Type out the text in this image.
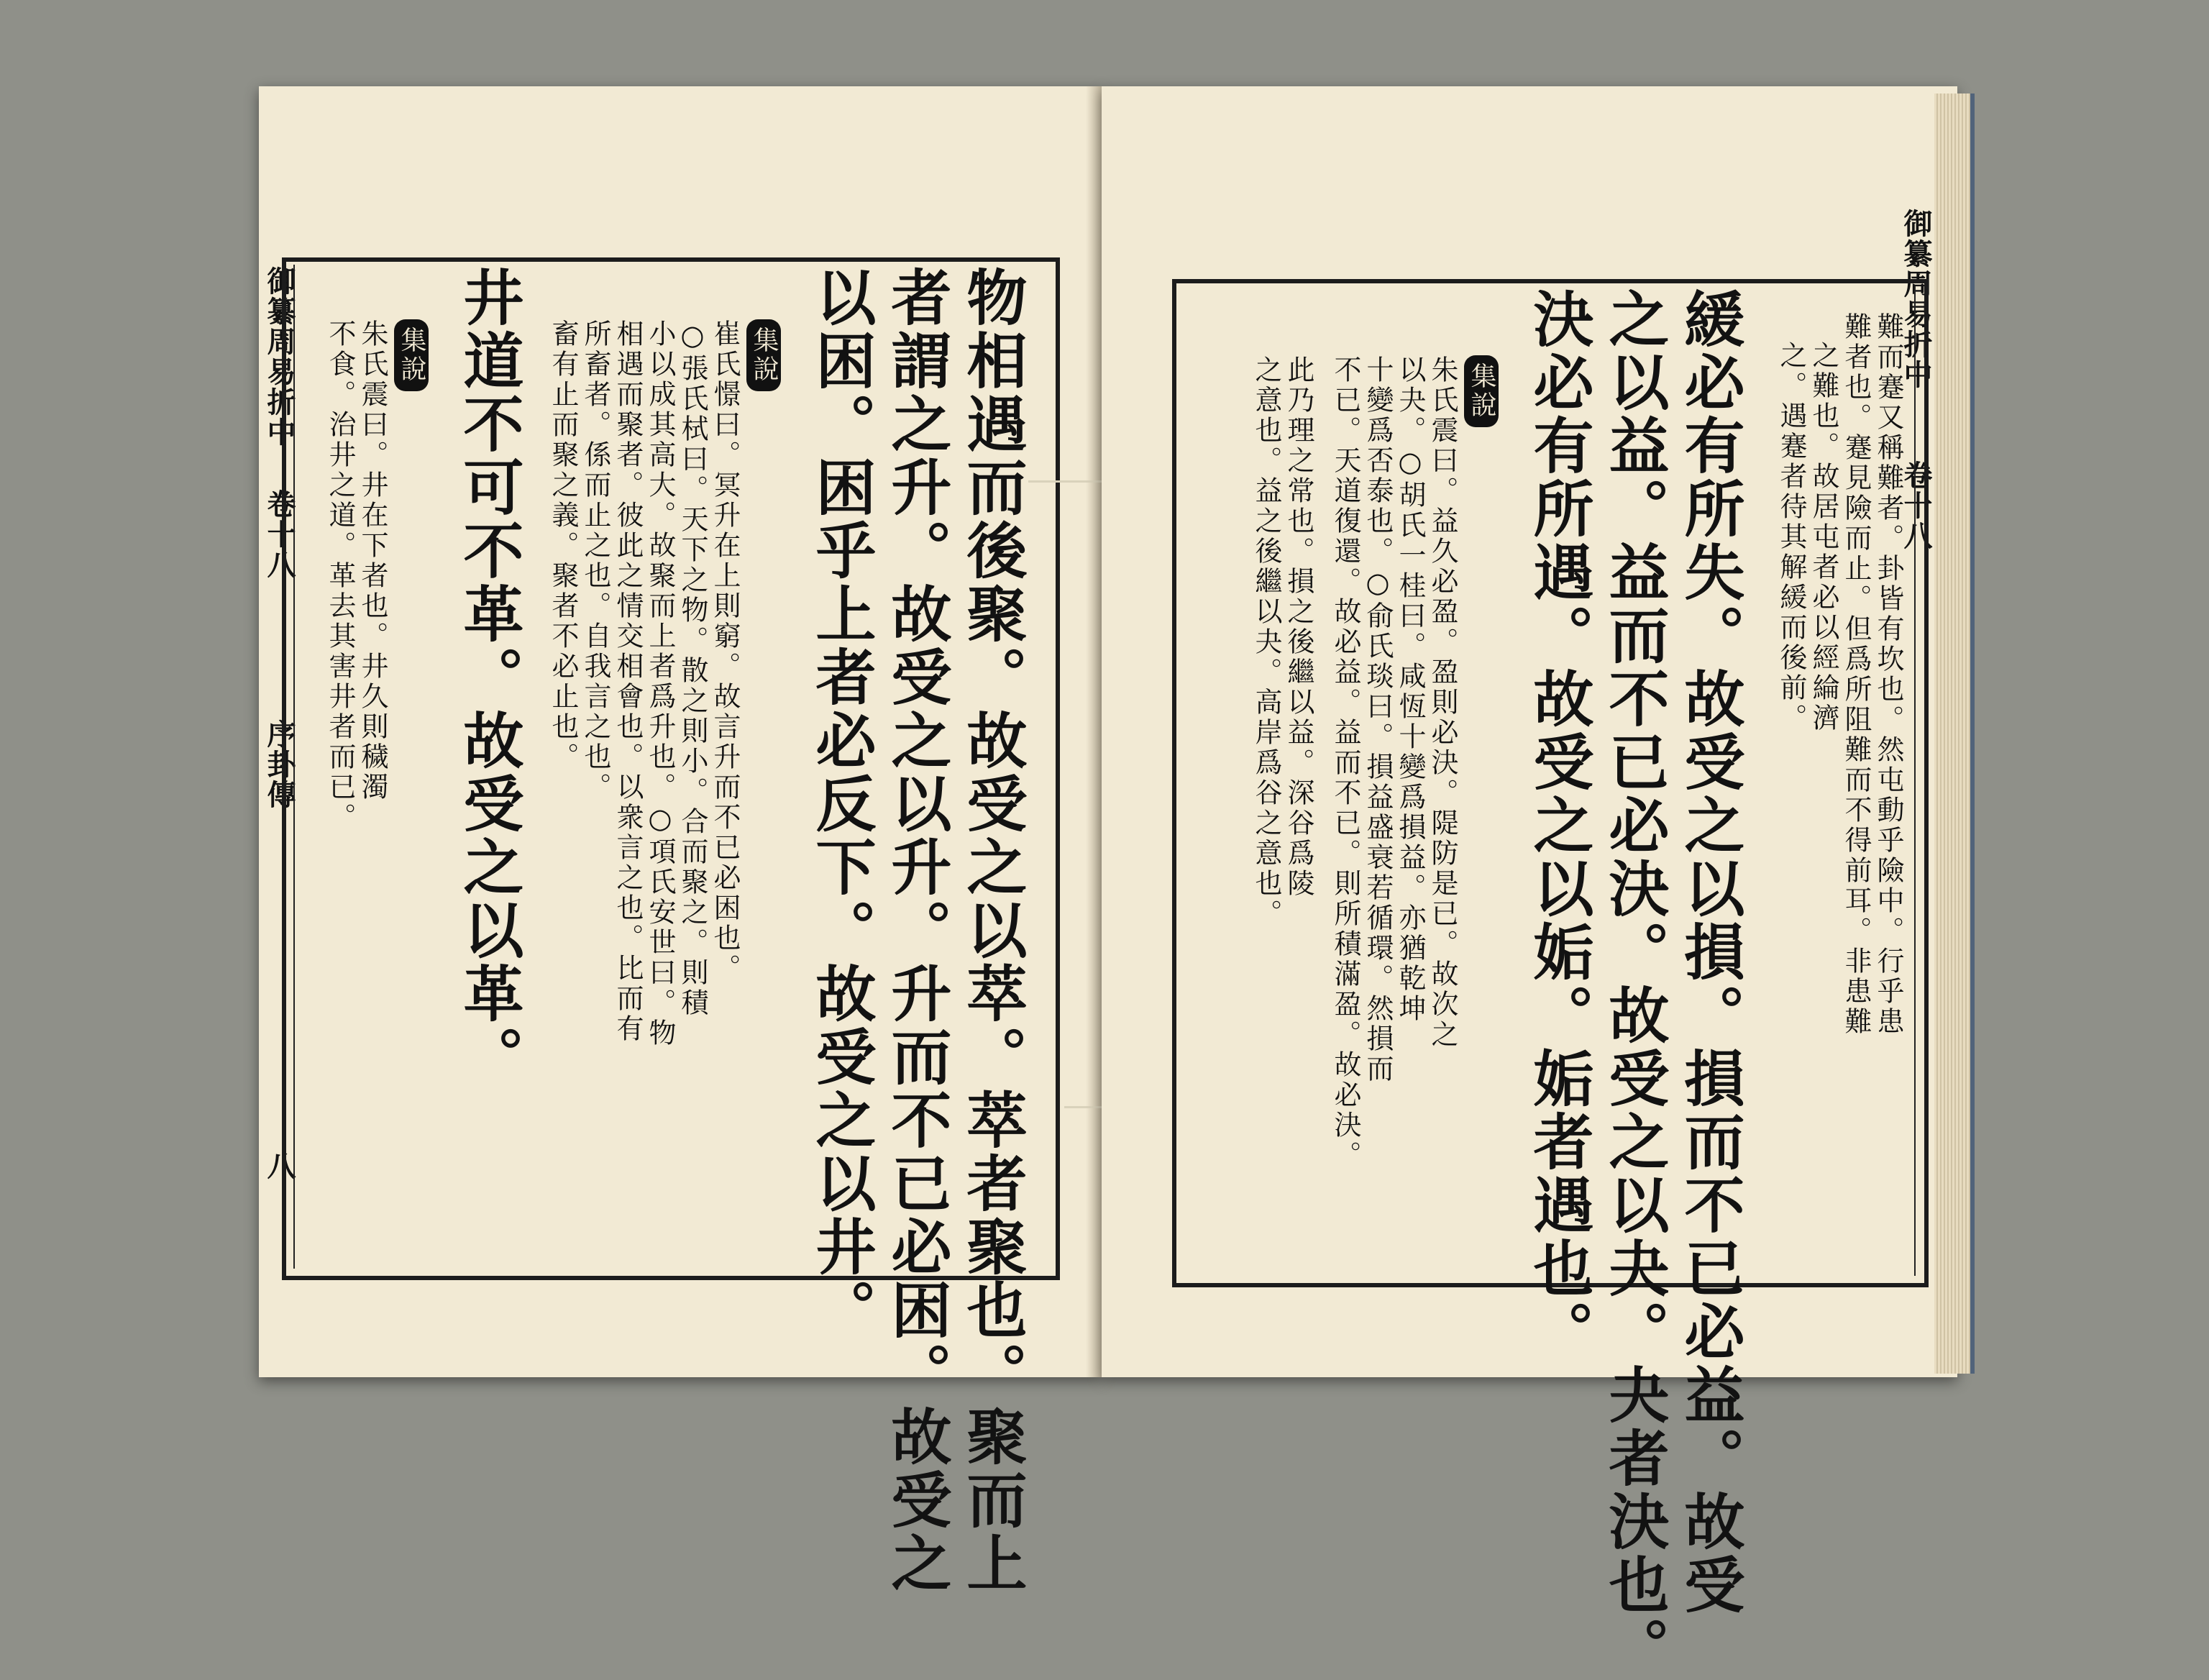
御纂周易折中
卷十八
序卦傳
八	物相遇而後聚。故受之以萃。萃者聚也。聚而上
者謂之升。故受之以升。升而不已必困。故受之
以困。困乎上者必反下。故受之以井。
集說
崔氏憬曰。冥升在上則窮。故言升而不已必困也。
○張氏栻曰。天下之物。散之則小。合而聚之。則積
小以成其高大。故聚而上者爲升也。○項氏安世曰。物
相遇而聚者。彼此之情交相會也。以衆言之也。比而有
所畜者。係而止之也。自我言之也。
畜有止而聚之義。聚者不必止也。
井道不可不革。故受之以革。
集說
朱氏震曰。井在下者也。井久則穢濁
不食。治井之道。革去其害井者而已。
御纂周易折中
卷十八
難而蹇又稱難者。卦皆有坎也。然屯動乎險中。行乎患
難者也。蹇見險而止。但爲所阻難而不得前耳。非患難
之難也。故居屯者必以經綸濟
之。遇蹇者待其解緩而後前。
緩必有所失。故受之以損。損而不已必益。故受
之以益。益而不已必決。故受之以夬。夬者決也。
決必有所遇。故受之以姤。姤者遇也。
集說
朱氏震曰。益久必盈。盈則必決。隄防是已。故次之
以夬。○胡氏一桂曰。咸恆十變爲損益。亦猶乾坤
十變爲否泰也。○俞氏琰曰。損益盛衰若循環。然損而
不已。天道復還。故必益。益而不已。則所積滿盈。故必決。
此乃理之常也。損之後繼以益。深谷爲陵
之意也。益之後繼以夬。高岸爲谷之意也。
